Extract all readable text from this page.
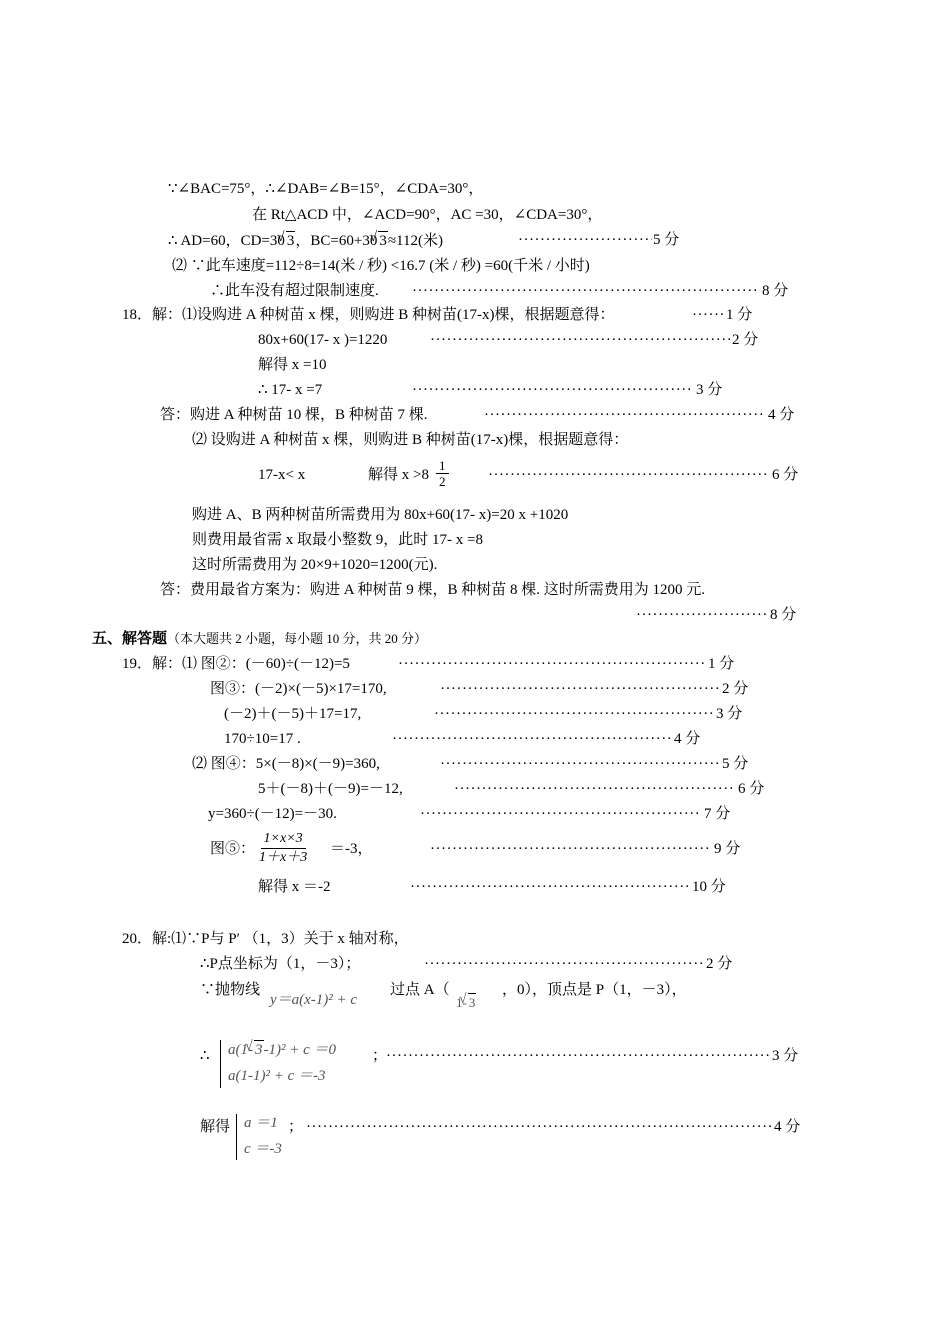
∵∠BAC=75°，∴∠DAB=∠B=15°，∠CDA=30°，
在 Rt△ACD 中，∠ACD=90°，AC =30，∠CDA=30°，
∴ AD=60，CD=30 √ 3，BC=60+30 √ 3≈112(米) ·····	5 分
⑵ ∵此车速度=112÷8=14(米 / 秒) <16.7 (米 / 秒) =60(千米 / 小时)
∴此车没有超过限制速度. ·····	8 分
18．解：⑴设购进 A 种树苗 x 棵，则购进 B 种树苗(17-x)棵，根据题意得： ·····	1 分
80x+60(17- x )=1220 ·····	2 分
解得 x =10
∴ 17- x =7 ·····	3 分
答：购进 A 种树苗 10 棵，B 种树苗 7 棵. ·····	4 分
⑵ 设购进 A 种树苗 x 棵，则购进 B 种树苗(17-x)棵，根据题意得：
17-x< x	解得 $x >8 \frac{1}{2}$ ·····	6 分
购进 A、B 两种树苗所需费用为 80x+60(17- x)=20 x +1020
则费用最省需 x 取最小整数 9，此时 17- x =8
这时所需费用为 20×9+1020=1200(元).
答：费用最省方案为：购进 A 种树苗 9 棵，B 种树苗 8 棵. 这时所需费用为 1200 元.
·····
8 分
五、解答题（本大题共 2 小题，每小题 10 分，共 20 分）
19．解：⑴ 图②：(－60)÷(－12)=5 ·····	1 分
图③：(－2)×(－5)×17=170, ·····	2 分
(－2)＋(－5)＋17=17, ·····	3 分
170÷10=17 . ·····	4 分
⑵ 图④：5×(－8)×(－9)=360, ·····	5 分
5＋(－8)＋(－9)=－12, ·····	6 分
y=360÷(－12)=－30. ·····	7 分
图⑤： $\frac{1\times x\times 3}{1+x+3} =-3$， ·····	9 分
解得 x ＝-2 ·····	10 分
20．解:⑴∵P与 P′ （1，3）关于 x 轴对称，
∴P点坐标为（1，－3）； ·····	2 分
∵抛物线
y＝a(x-1)² + c
过点 A（
1- √ 3
，0），顶点是 P（1，－3），
∴ a(1- √ 3-1)² + c ＝0
a(1-1)² + c ＝-3
； ·····	3 分
解得 a ＝1
c ＝-3
； ·····	4 分
